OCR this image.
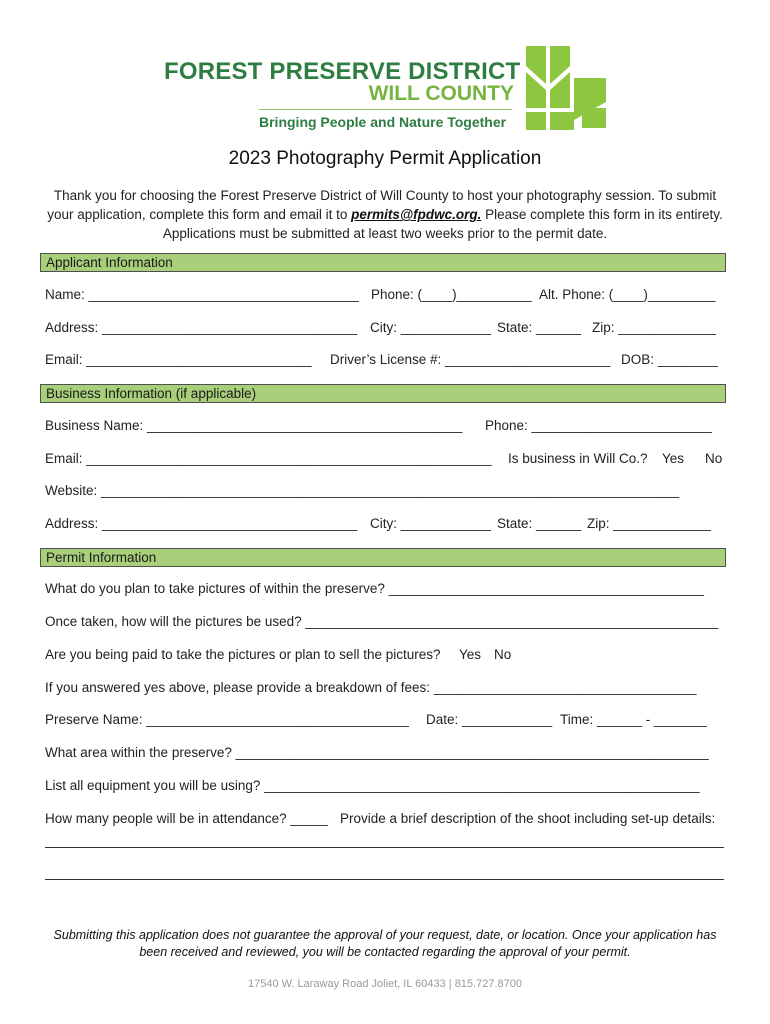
FOREST PRESERVE DISTRICT
WILL COUNTY
Bringing People and Nature Together
2023 Photography Permit Application
Thank you for choosing the Forest Preserve District of Will County to host your photography session. To submit your application, complete this form and email it to permits@fpdwc.org. Please complete this form in its entirety. Applications must be submitted at least two weeks prior to the permit date.
Applicant Information
Name: ____________________________________ Phone: (____)__________ Alt. Phone: (____)_________
Address: __________________________________ City: ____________ State: ______ Zip: _____________
Email: ______________________________ Driver’s License #: ______________________ DOB: ________
Business Information (if applicable)
Business Name: __________________________________________ Phone: ________________________
Email: ______________________________________________________ Is business in Will Co.? Yes No
Website: _____________________________________________________________________________
Address: __________________________________ City: ____________ State: ______ Zip: _____________
Permit Information
What do you plan to take pictures of within the preserve? __________________________________________
Once taken, how will the pictures be used? _______________________________________________________
Are you being paid to take the pictures or plan to sell the pictures? Yes No
If you answered yes above, please provide a breakdown of fees: ___________________________________
Preserve Name: ___________________________________ Date: ____________ Time: ______ - _______
What area within the preserve? _______________________________________________________________
List all equipment you will be using? __________________________________________________________
How many people will be in attendance? _____ Provide a brief description of the shoot including set-up details:
Submitting this application does not guarantee the approval of your request, date, or location. Once your application has been received and reviewed, you will be contacted regarding the approval of your permit.
17540 W. Laraway Road Joliet, IL 60433 | 815.727.8700
